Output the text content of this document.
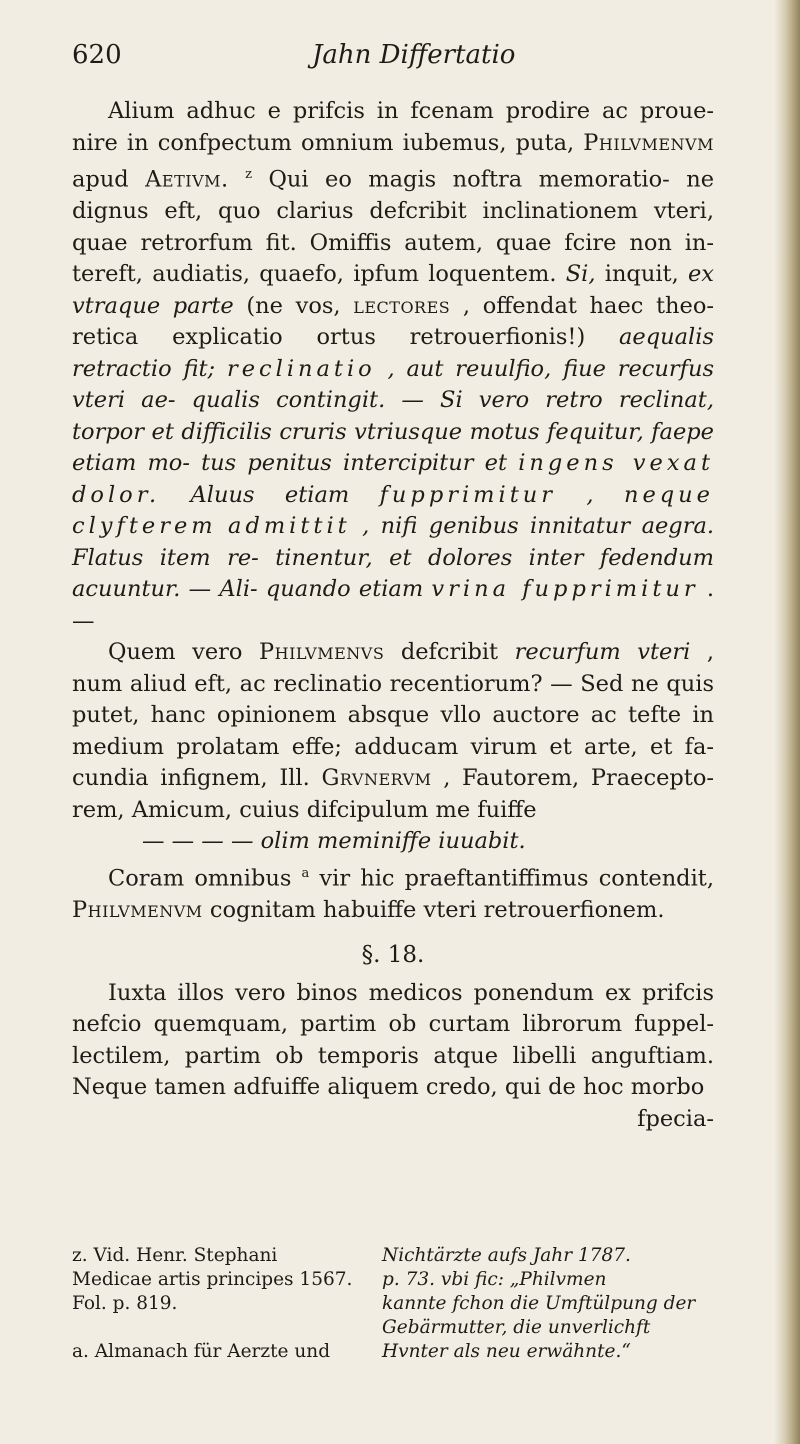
620	Jahn Differtatio

Alium adhuc e prifcis in fcenam prodire ac proue- nire in confpectum omnium iubemus, puta, Philvmenvm apud Aetivm. $^z$ Qui eo magis noftra memoratio- ne dignus eft, quo clarius defcribit inclinationem vteri, quae retrorfum fit. Omiffis autem, quae fcire non in- tereft, audiatis, quaefo, ipfum loquentem. Si, inquit, ex vtraque parte (ne vos, lectores , offendat haec theo- retica explicatio ortus retrouerfionis!) aequalis retractio fit; reclinatio , aut reuulfio, fiue recurfus vteri ae- qualis contingit. — Si vero retro reclinat, torpor et difficilis cruris vtriusque motus fequitur, faepe etiam mo- tus penitus intercipitur et ingens vexat dolor. Aluus etiam fupprimitur , neque clyfterem admittit , nifi genibus innitatur aegra. Flatus item re- tinentur, et dolores inter fedendum acuuntur. — Ali- quando etiam vrina fupprimitur . —

Quem vero Philvmenvs defcribit recurfum vteri , num aliud eft, ac reclinatio recentiorum? — Sed ne quis putet, hanc opinionem absque vllo auctore ac tefte in medium prolatam effe; adducam virum et arte, et fa- cundia infignem, Ill. Grvnervm , Fautorem, Praecepto- rem, Amicum, cuius difcipulum me fuiffe

— — — — olim meminiffe iuuabit.

Coram omnibus $^a$ vir hic praeftantiffimus contendit, Philvmenvm cognitam habuiffe vteri retrouerfionem.

§. 18.
Iuxta illos vero binos medicos ponendum ex prifcis nefcio quemquam, partim ob curtam librorum fuppel-lectilem, partim ob temporis atque libelli anguftiam. Neque tamen adfuiffe aliquem credo, qui de hoc morbo
fpecia-
z. Vid. Henr. Stephani
Medicae artis principes 1567.
Fol. p. 819.
a. Almanach für Aerzte und
Nichtärzte aufs Jahr 1787.
p. 73. vbi fic: „Philvmen
kannte fchon die Umftülpung der
Gebärmutter, die unverlichft
Hvnter als neu erwähnte.“
